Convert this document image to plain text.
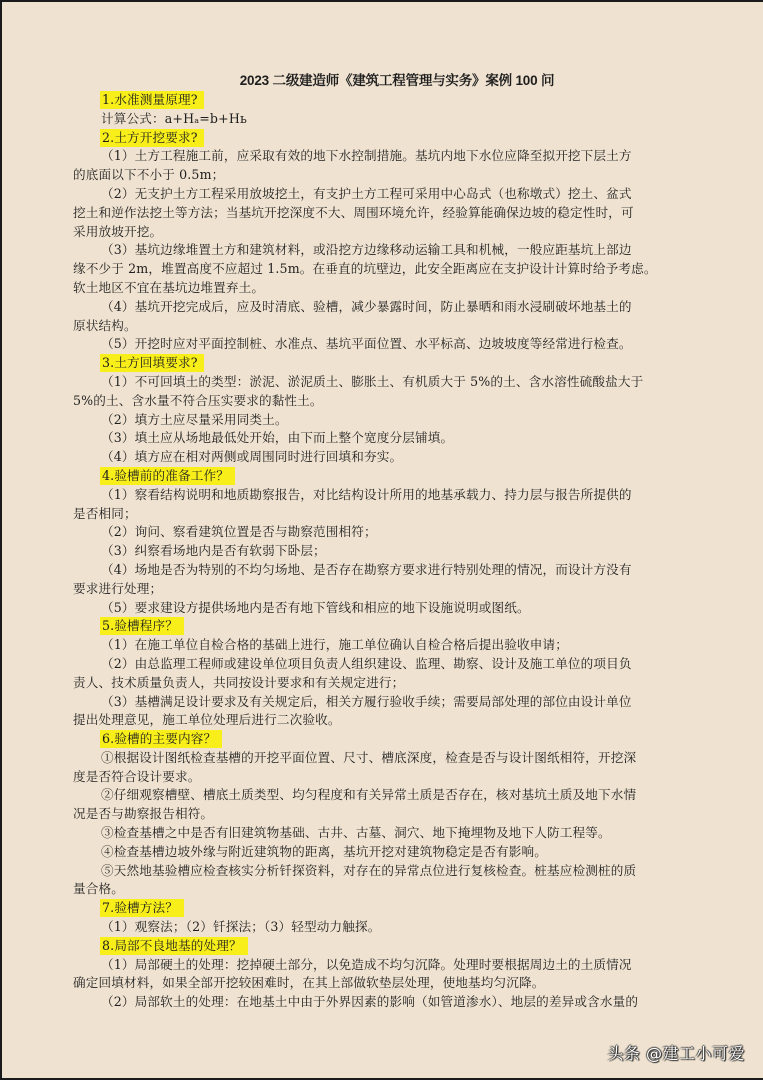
2023 二级建造师《建筑工程管理与实务》案例 100 问
1.水准测量原理?
计算公式：a+Hₐ=b+Hь
2.土方开挖要求?
（1）土方工程施工前，应采取有效的地下水控制措施。基坑内地下水位应降至拟开挖下层土方
的底面以下不小于 0.5m；
（2）无支护土方工程采用放坡挖土，有支护土方工程可采用中心岛式（也称墩式）挖土、盆式
挖土和逆作法挖土等方法；当基坑开挖深度不大、周围环境允许，经验算能确保边坡的稳定性时，可
采用放坡开挖。
（3）基坑边缘堆置土方和建筑材料，或沿挖方边缘移动运输工具和机械，一般应距基坑上部边
缘不少于 2m，堆置高度不应超过 1.5m。在垂直的坑壁边，此安全距离应在支护设计计算时给予考虑。
软土地区不宜在基坑边堆置弃土。
（4）基坑开挖完成后，应及时清底、验槽，减少暴露时间，防止暴晒和雨水浸刷破坏地基土的
原状结构。
（5）开挖时应对平面控制桩、水准点、基坑平面位置、水平标高、边坡坡度等经常进行检查。
3.土方回填要求?
（1）不可回填土的类型：淤泥、淤泥质土、膨胀土、有机质大于 5%的土、含水溶性硫酸盐大于
5%的土、含水量不符合压实要求的黏性土。
（2）填方土应尽量采用同类土。
（3）填土应从场地最低处开始，由下而上整个宽度分层铺填。
（4）填方应在相对两侧或周围同时进行回填和夯实。
4.验槽前的准备工作？
（1）察看结构说明和地质勘察报告，对比结构设计所用的地基承载力、持力层与报告所提供的
是否相同；
（2）询问、察看建筑位置是否与勘察范围相符；
（3）纠察看场地内是否有软弱下卧层；
（4）场地是否为特别的不均匀场地、是否存在勘察方要求进行特别处理的情况，而设计方没有
要求进行处理；
（5）要求建设方提供场地内是否有地下管线和相应的地下设施说明或图纸。
5.验槽程序？
（1）在施工单位自检合格的基础上进行，施工单位确认自检合格后提出验收申请；
（2）由总监理工程师或建设单位项目负责人组织建设、监理、勘察、设计及施工单位的项目负
责人、技术质量负责人，共同按设计要求和有关规定进行；
（3）基槽满足设计要求及有关规定后，相关方履行验收手续；需要局部处理的部位由设计单位
提出处理意见，施工单位处理后进行二次验收。
6.验槽的主要内容？
①根据设计图纸检查基槽的开挖平面位置、尺寸、槽底深度，检查是否与设计图纸相符，开挖深
度是否符合设计要求。
②仔细观察槽壁、槽底土质类型、均匀程度和有关异常土质是否存在，核对基坑土质及地下水情
况是否与勘察报告相符。
③检查基槽之中是否有旧建筑物基础、古井、古墓、洞穴、地下掩埋物及地下人防工程等。
④检查基槽边坡外缘与附近建筑物的距离，基坑开挖对建筑物稳定是否有影响。
⑤天然地基验槽应检查核实分析钎探资料，对存在的异常点位进行复核检查。桩基应检测桩的质
量合格。
7.验槽方法？
（1）观察法；（2）钎探法；（3）轻型动力触探。
8.局部不良地基的处理？
（1）局部硬土的处理：挖掉硬土部分，以免造成不均匀沉降。处理时要根据周边土的土质情况
确定回填材料，如果全部开挖较困难时，在其上部做软垫层处理，使地基均匀沉降。
（2）局部软土的处理：在地基土中由于外界因素的影响（如管道渗水）、地层的差异或含水量的
头条 @建工小可爱
